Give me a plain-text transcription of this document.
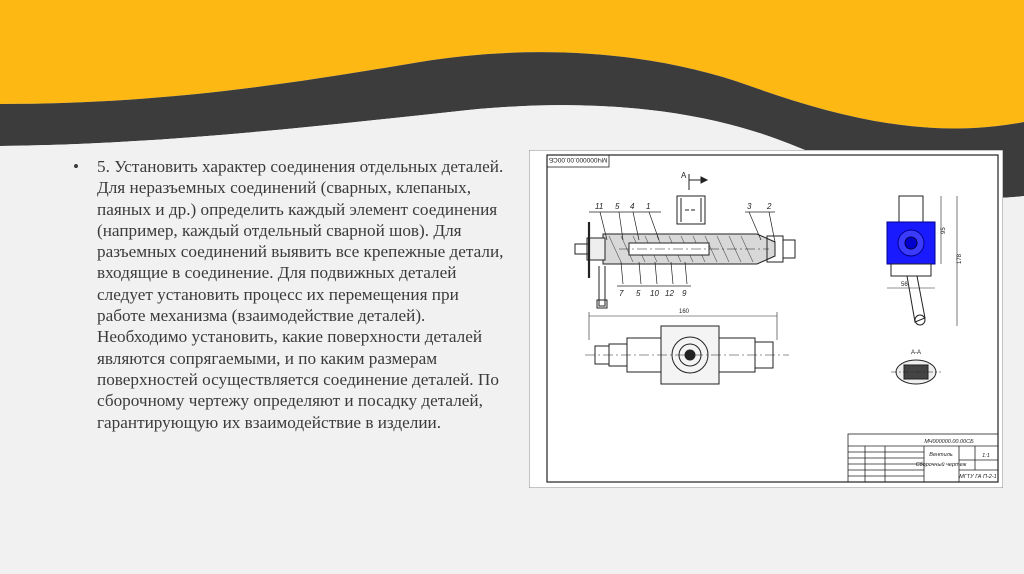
• 5. Установить характер соединения отдельных деталей. Для неразъемных соединений (сварных, клепаных, паяных и др.) определить каждый элемент соединения (например, каждый отдельный сварной шов). Для разъемных соединений выявить все крепежные детали, входящие в соединение. Для подвижных деталей следует установить процесс их перемещения при работе механизма (взаимодействие деталей). Необходимо установить, какие поверхности деталей являются сопрягаемыми, и по каким размерам поверхностей осуществляется соединение деталей. По сборочному чертежу определяют и посадку деталей, гарантирующую их взаимодействие в изделии.
МЧ000000.00.00СБ
11 5 4 1	3 2
7 5 10 12 9
А
160
95
178
56
А-А
МЧ000000.00.00СБ
Вентиль
Сборочный чертеж
1:1
МГТУ ГА П-2-1
